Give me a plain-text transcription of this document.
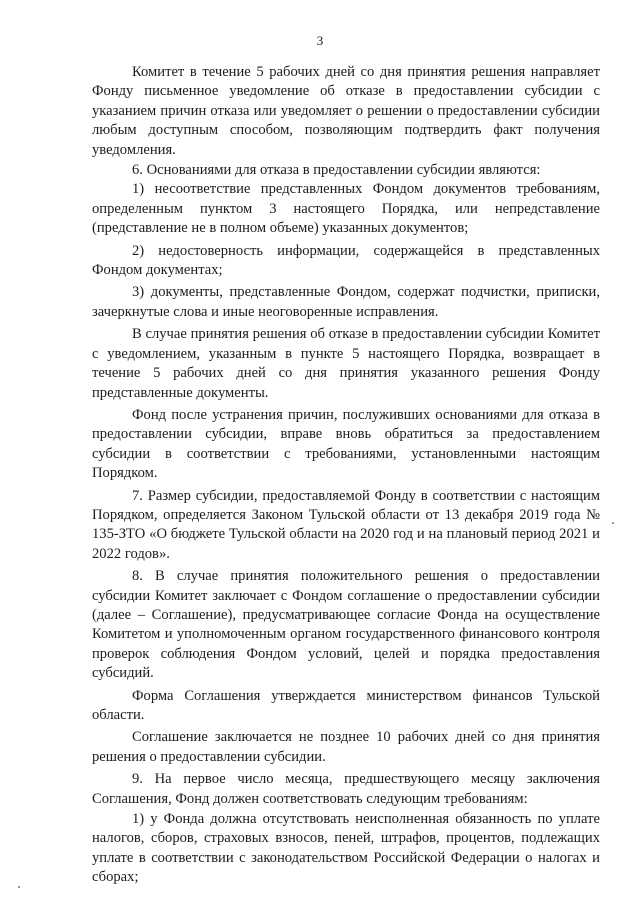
3

Комитет в течение 5 рабочих дней со дня принятия решения направляет Фонду письменное уведомление об отказе в предоставлении субсидии с указанием причин отказа или уведомляет о решении о предоставлении субсидии любым доступным способом, позволяющим подтвердить факт получения уведомления.

6. Основаниями для отказа в предоставлении субсидии являются:

1) несоответствие представленных Фондом документов требованиям, определенным пунктом 3 настоящего Порядка, или непредставление (представление не в полном объеме) указанных документов;

2) недостоверность информации, содержащейся в представленных Фондом документах;

3) документы, представленные Фондом, содержат подчистки, приписки, зачеркнутые слова и иные неоговоренные исправления.

В случае принятия решения об отказе в предоставлении субсидии Комитет с уведомлением, указанным в пункте 5 настоящего Порядка, возвращает в течение 5 рабочих дней со дня принятия указанного решения Фонду представленные документы.

Фонд после устранения причин, послуживших основаниями для отказа в предоставлении субсидии, вправе вновь обратиться за предоставлением субсидии в соответствии с требованиями, установленными настоящим Порядком.

7. Размер субсидии, предоставляемой Фонду в соответствии с настоящим Порядком, определяется Законом Тульской области от 13 декабря 2019 года № 135-ЗТО «О бюджете Тульской области на 2020 год и на плановый период 2021 и 2022 годов».

8. В случае принятия положительного решения о предоставлении субсидии Комитет заключает с Фондом соглашение о предоставлении субсидии (далее – Соглашение), предусматривающее согласие Фонда на осуществление Комитетом и уполномоченным органом государственного финансового контроля проверок соблюдения Фондом условий, целей и порядка предоставления субсидий.

Форма Соглашения утверждается министерством финансов Тульской области.

Соглашение заключается не позднее 10 рабочих дней со дня принятия решения о предоставлении субсидии.

9. На первое число месяца, предшествующего месяцу заключения Соглашения, Фонд должен соответствовать следующим требованиям:

1) у Фонда должна отсутствовать неисполненная обязанность по уплате налогов, сборов, страховых взносов, пеней, штрафов, процентов, подлежащих уплате в соответствии с законодательством Российской Федерации о налогах и сборах;
